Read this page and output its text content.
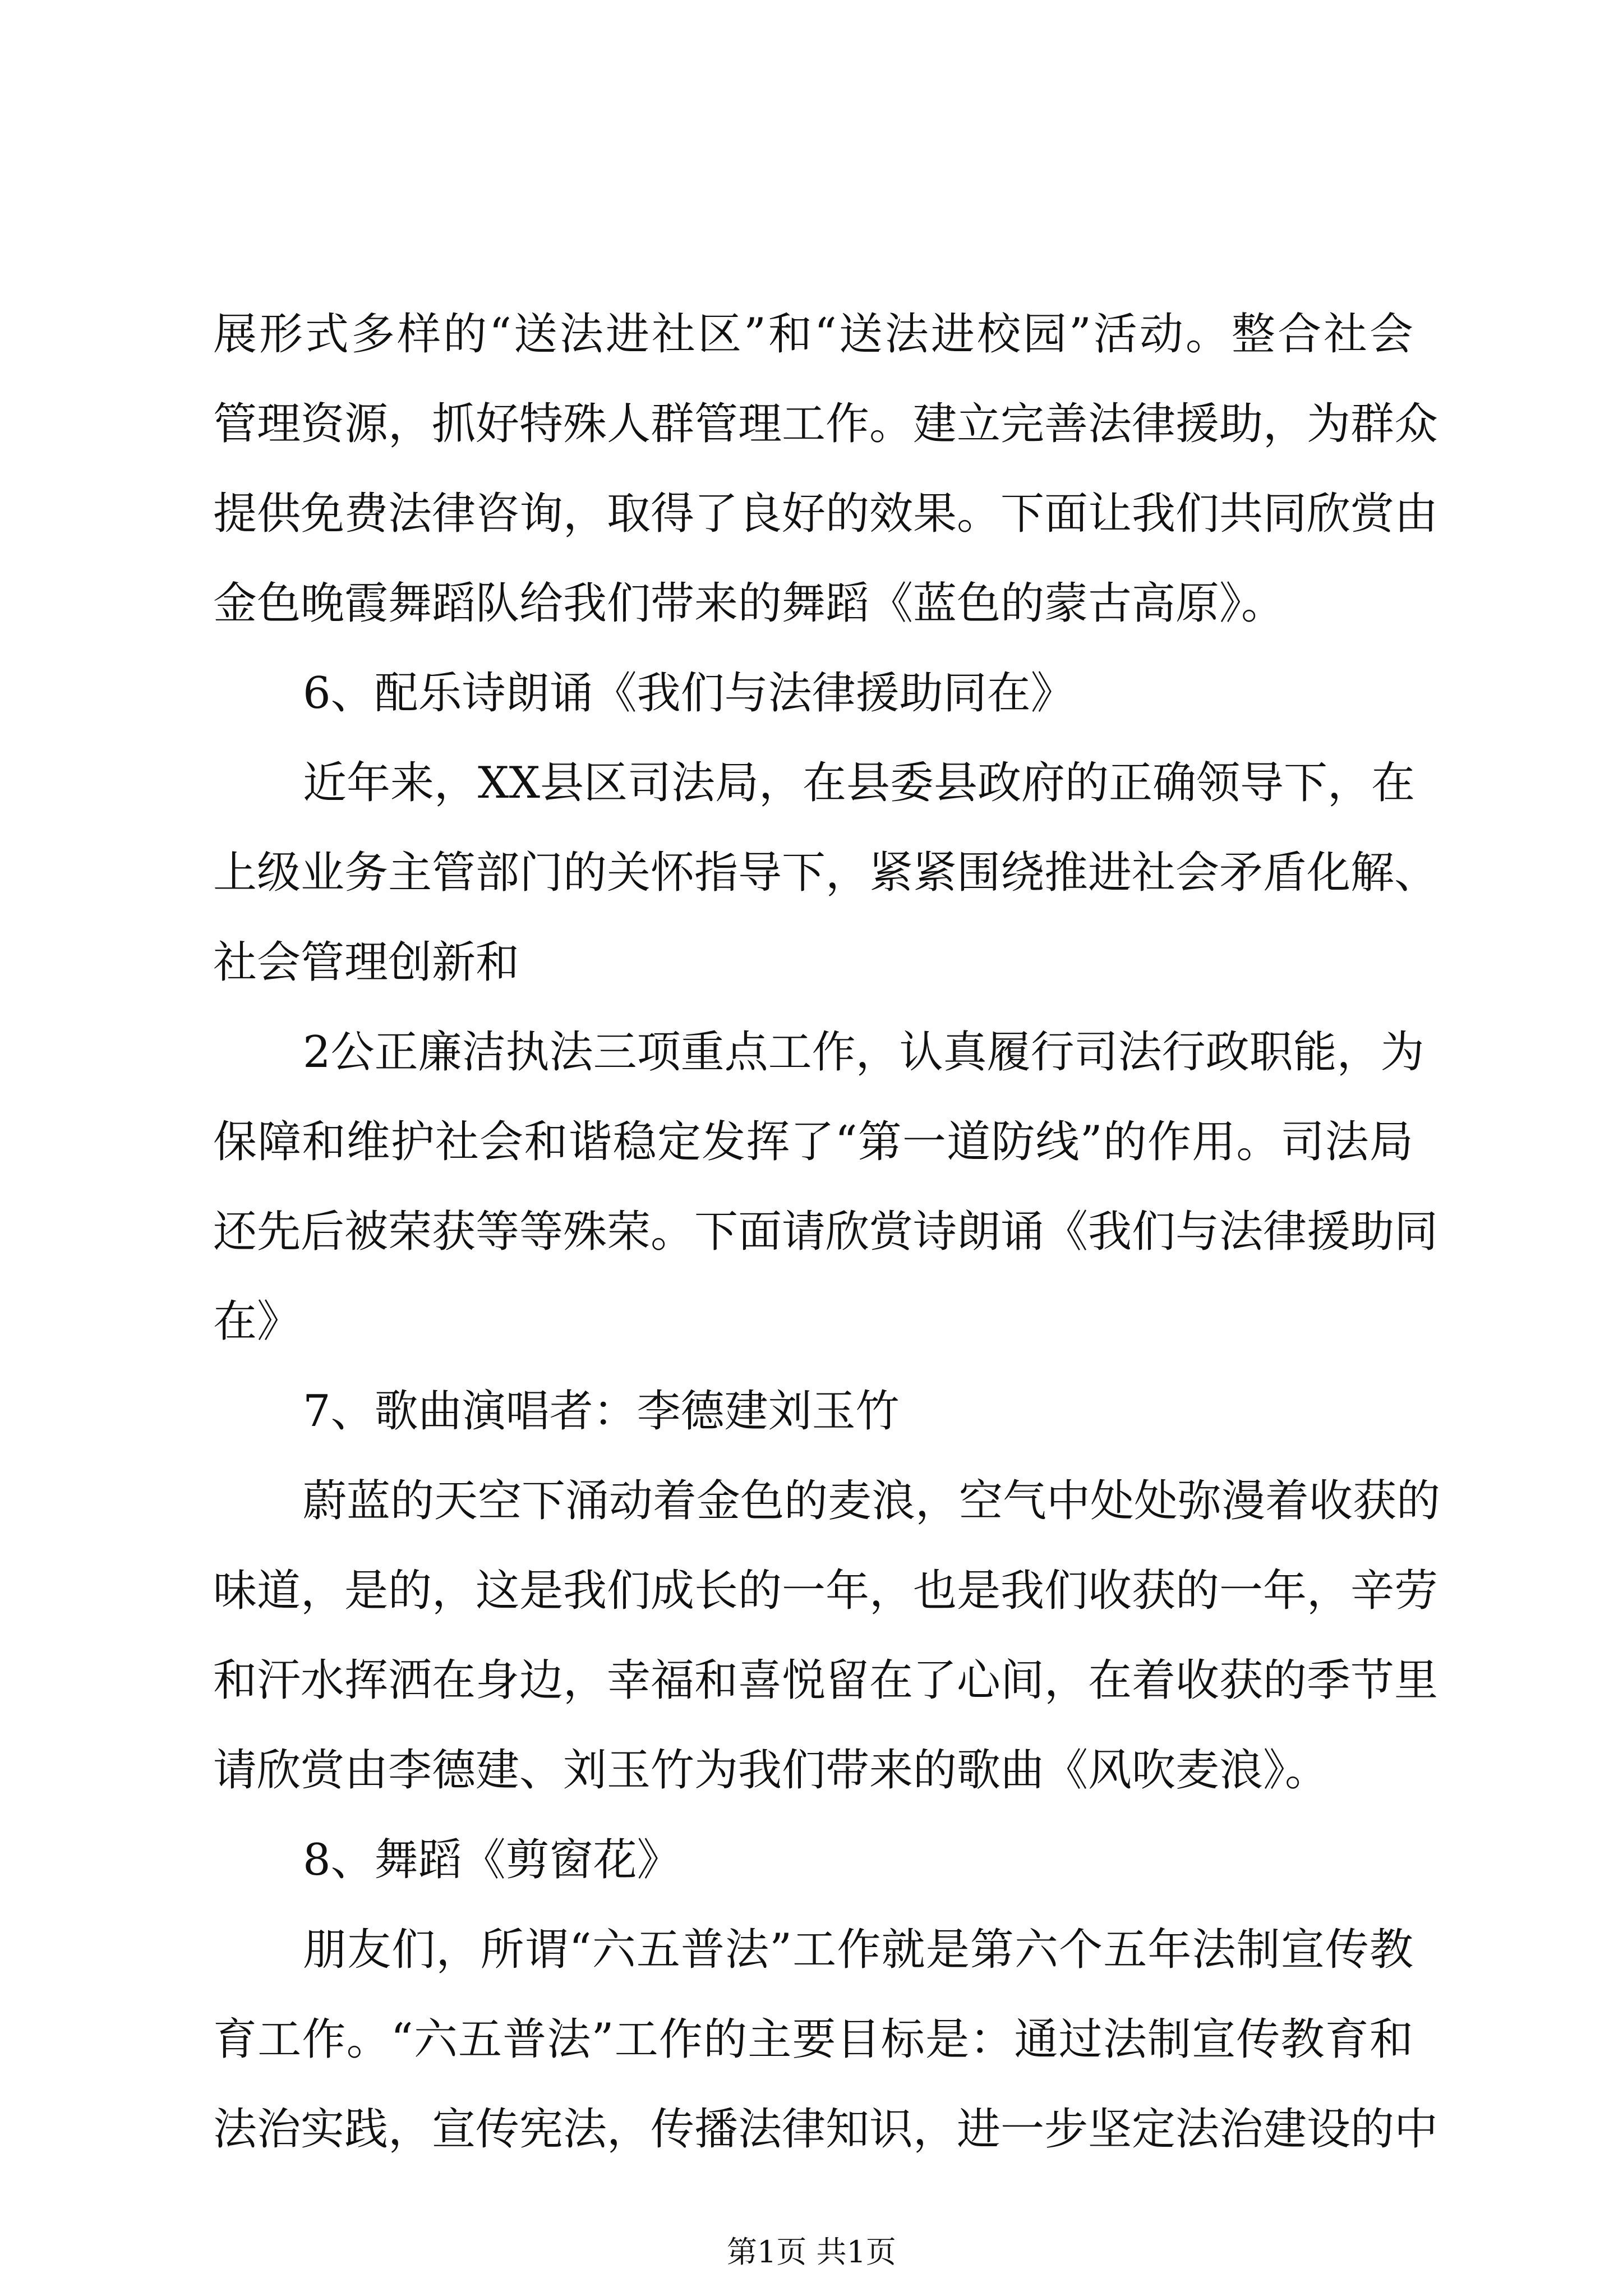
展形式多样的“送法进社区”和“送法进校园”活动。整合社会
管理资源，抓好特殊人群管理工作。建立完善法律援助，为群众
提供免费法律咨询，取得了良好的效果。下面让我们共同欣赏由
金色晚霞舞蹈队给我们带来的舞蹈《蓝色的蒙古高原》。
6、配乐诗朗诵《我们与法律援助同在》
近年来，XX县区司法局，在县委县政府的正确领导下，在
上级业务主管部门的关怀指导下，紧紧围绕推进社会矛盾化解、
社会管理创新和
2公正廉洁执法三项重点工作，认真履行司法行政职能，为
保障和维护社会和谐稳定发挥了“第一道防线”的作用。司法局
还先后被荣获等等殊荣。下面请欣赏诗朗诵《我们与法律援助同
在》
7、歌曲演唱者：李德建刘玉竹
蔚蓝的天空下涌动着金色的麦浪，空气中处处弥漫着收获的
味道，是的，这是我们成长的一年，也是我们收获的一年，辛劳
和汗水挥洒在身边，幸福和喜悦留在了心间，在着收获的季节里
请欣赏由李德建、刘玉竹为我们带来的歌曲《风吹麦浪》。
8、舞蹈《剪窗花》
朋友们，所谓“六五普法”工作就是第六个五年法制宣传教
育工作。“六五普法”工作的主要目标是：通过法制宣传教育和
法治实践，宣传宪法，传播法律知识，进一步坚定法治建设的中
第1页 共1页
